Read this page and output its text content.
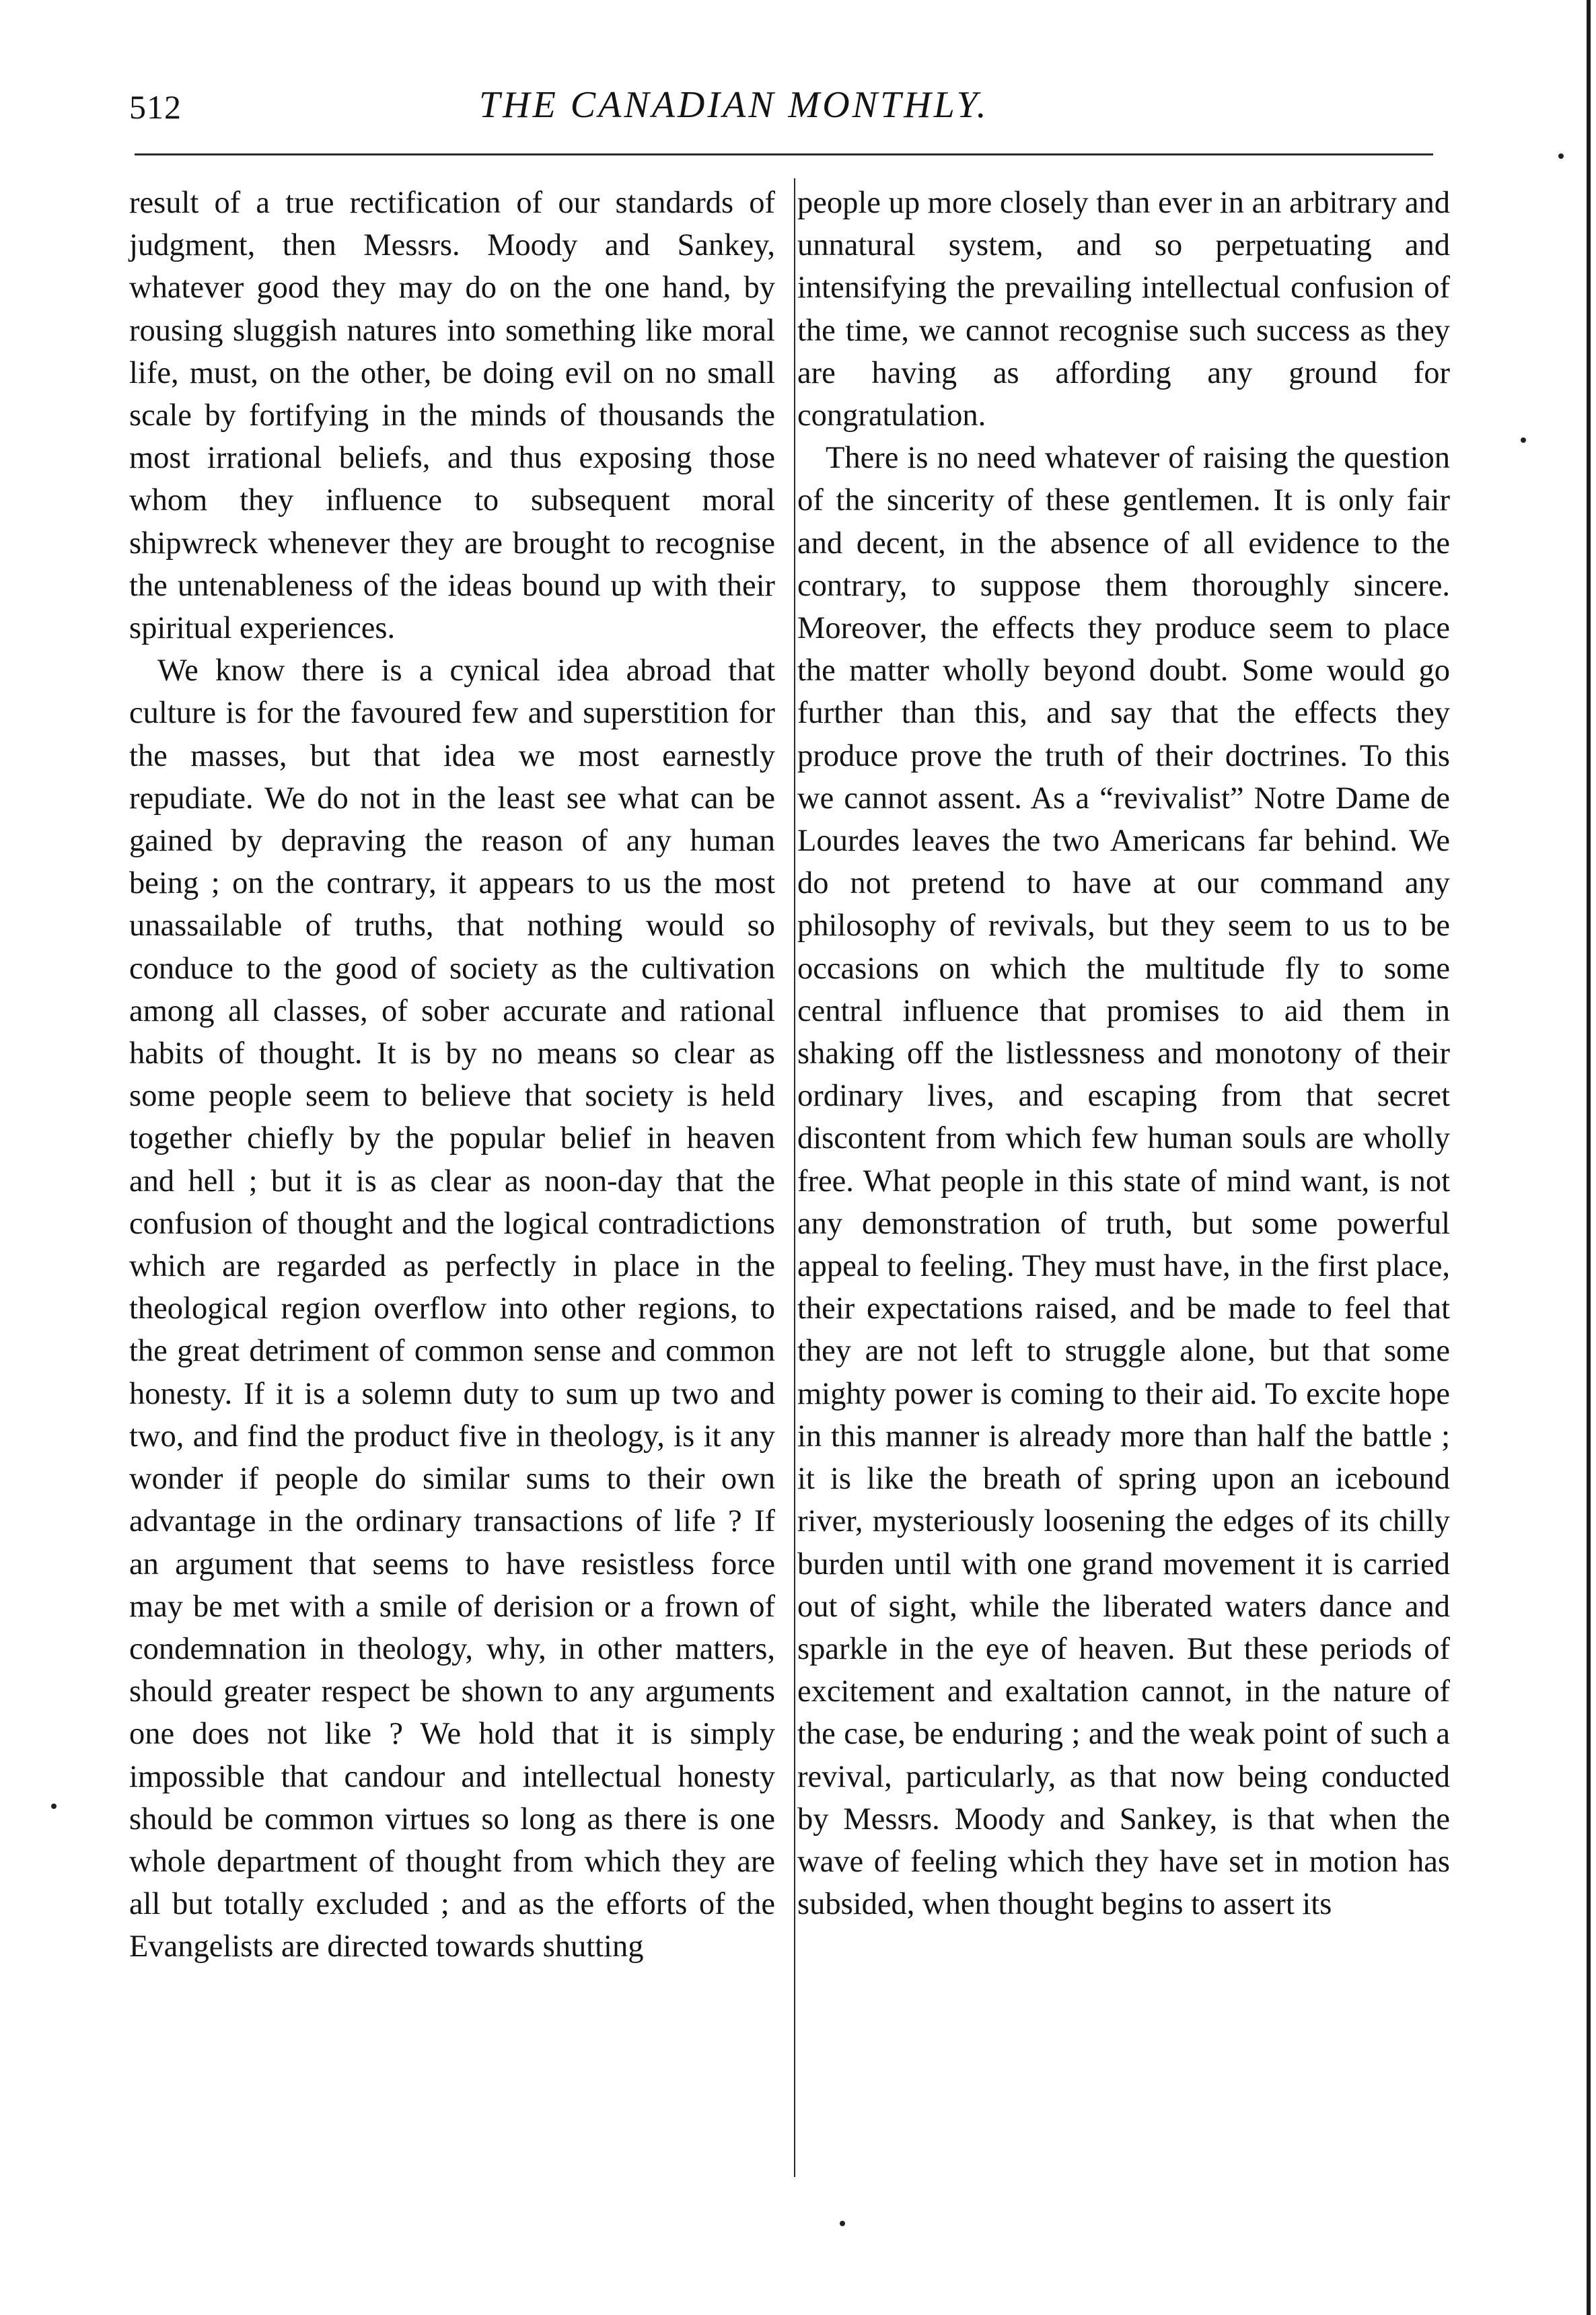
512	THE CANADIAN MONTHLY.

result of a true rectification of our standards of judgment, then Messrs. Moody and Sankey, whatever good they may do on the one hand, by rousing sluggish natures into something like moral life, must, on the other, be doing evil on no small scale by fortifying in the minds of thousands the most irrational beliefs, and thus exposing those whom they influence to subsequent moral shipwreck whenever they are brought to recognise the untenableness of the ideas bound up with their spiritual experiences.

We know there is a cynical idea abroad that culture is for the favoured few and superstition for the masses, but that idea we most earnestly repudiate. We do not in the least see what can be gained by depraving the reason of any human being ; on the contrary, it appears to us the most unassailable of truths, that nothing would so conduce to the good of society as the cultivation among all classes, of sober accurate and rational habits of thought. It is by no means so clear as some people seem to believe that society is held together chiefly by the popular belief in heaven and hell ; but it is as clear as noon-day that the confusion of thought and the logical contradictions which are regarded as perfectly in place in the theological region overflow into other regions, to the great detriment of common sense and common honesty. If it is a solemn duty to sum up two and two, and find the product five in theology, is it any wonder if people do similar sums to their own advantage in the ordinary transactions of life ? If an argument that seems to have resistless force may be met with a smile of derision or a frown of condemnation in theology, why, in other matters, should greater respect be shown to any arguments one does not like ? We hold that it is simply impossible that candour and intellectual honesty should be common virtues so long as there is one whole department of thought from which they are all but totally excluded ; and as the efforts of the Evangelists are directed towards shutting

people up more closely than ever in an arbitrary and unnatural system, and so perpetuating and intensifying the prevailing intellectual confusion of the time, we cannot recognise such success as they are having as affording any ground for congratulation.

There is no need whatever of raising the question of the sincerity of these gentlemen. It is only fair and decent, in the absence of all evidence to the contrary, to suppose them thoroughly sincere. Moreover, the effects they produce seem to place the matter wholly beyond doubt. Some would go further than this, and say that the effects they produce prove the truth of their doctrines. To this we cannot assent. As a “revivalist” Notre Dame de Lourdes leaves the two Americans far behind. We do not pretend to have at our command any philosophy of revivals, but they seem to us to be occasions on which the multitude fly to some central influence that promises to aid them in shaking off the listlessness and monotony of their ordinary lives, and escaping from that secret discontent from which few human souls are wholly free. What people in this state of mind want, is not any demonstration of truth, but some powerful appeal to feeling. They must have, in the first place, their expectations raised, and be made to feel that they are not left to struggle alone, but that some mighty power is coming to their aid. To excite hope in this manner is already more than half the battle ; it is like the breath of spring upon an icebound river, mysteriously loosening the edges of its chilly burden until with one grand movement it is carried out of sight, while the liberated waters dance and sparkle in the eye of heaven. But these periods of excitement and exaltation cannot, in the nature of the case, be enduring ; and the weak point of such a revival, particularly, as that now being conducted by Messrs. Moody and Sankey, is that when the wave of feeling which they have set in motion has subsided, when thought begins to assert its
